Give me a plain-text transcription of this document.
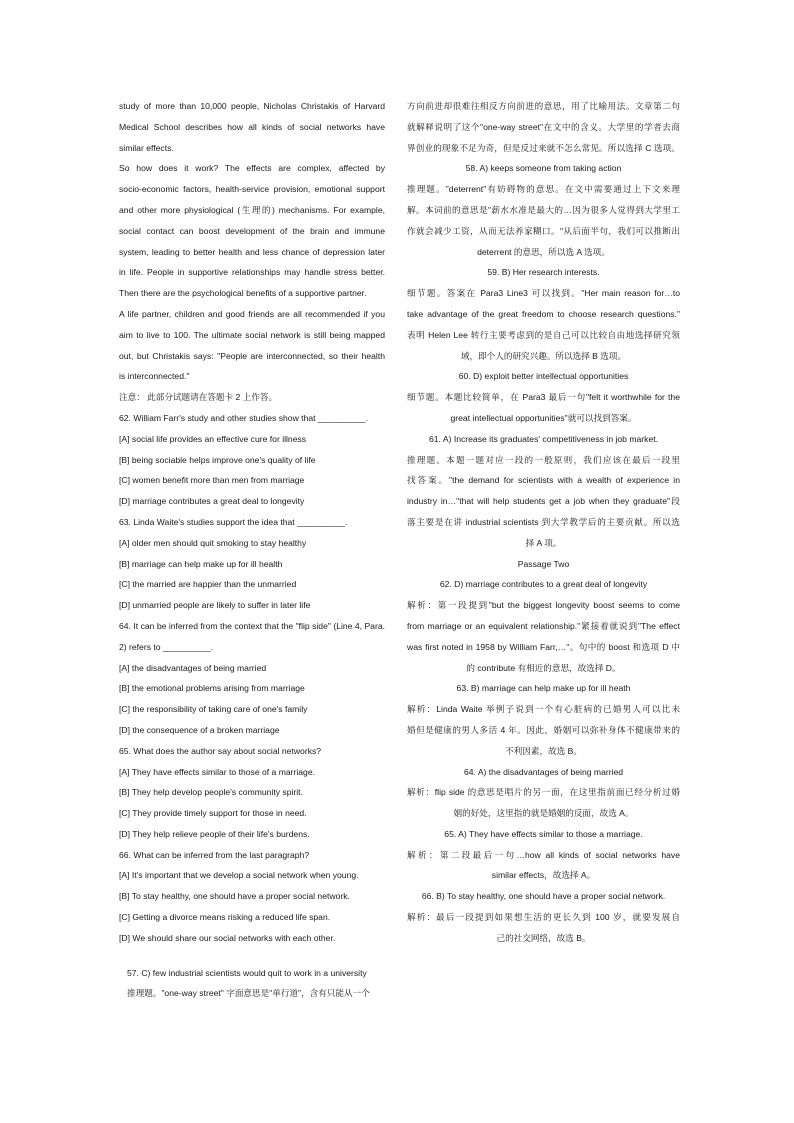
study of more than 10,000 people, Nicholas Christakis of Harvard
Medical School describes how all kinds of social networks have
similar effects.
So how does it work? The effects are complex, affected by
socio-economic factors, health-service provision, emotional support
and other more physiological (生理的) mechanisms. For example,
social contact can boost development of the brain and immune
system, leading to better health and less chance of depression later
in life. People in supportive relationships may handle stress better.
Then there are the psychological benefits of a supportive partner.
A life partner, children and good friends are all recommended if you
aim to live to 100. The ultimate social network is still being mapped
out, but Christakis says: "People are interconnected, so their health
is interconnected."
注意： 此部分试题请在答题卡 2 上作答。
62. William Farr's study and other studies show that __________.
[A] social life provides an effective cure for illness
[B] being sociable helps improve one's quality of life
[C] women benefit more than men from marriage
[D] marriage contributes a great deal to longevity
63. Linda Waite's studies support the idea that __________.
[A] older men should quit smoking to stay healthy
[B] marriage can help make up for ill health
[C] the married are happier than the unmarried
[D] unmarried people are likely to suffer in later life
64. It can be inferred from the context that the "flip side" (Line 4, Para.
2) refers to __________.
[A] the disadvantages of being married
[B] the emotional problems arising from marriage
[C] the responsibility of taking care of one's family
[D] the consequence of a broken marriage
65. What does the author say about social networks?
[A] They have effects similar to those of a marriage.
[B] They help develop people's community spirit.
[C] They provide timely support for those in need.
[D] They help relieve people of their life's burdens.
66. What can be inferred from the last paragraph?
[A] It's important that we develop a social network when young.
[B] To stay healthy, one should have a proper social network.
[C] Getting a divorce means risking a reduced life span.
[D] We should share our social networks with each other.
57. C) few industrial scientists would quit to work in a university
推理题。"one-way street" 字面意思是"单行道"，含有只能从一个
方向前进却很难往相反方向前进的意思，用了比喻用法。文章第二句
就解释说明了这个"one-way street"在文中的含义。大学里的学者去商
界创业的现象不足为奇，但是反过来就不怎么常见。所以选择 C 选项。
58. A) keeps someone from taking action
推理题。"deterrent"有妨碍物的意思。在文中需要通过上下文来理
解。本词前的意思是"薪水水准是最大的…因为很多人觉得到大学里工
作就会减少工资，从而无法养家糊口。"从后面半句，我们可以推断出
deterrent 的意思，所以选 A 选项。
59. B) Her research interests.
细节题。答案在 Para3 Line3 可以找到。"Her main reason for…to
take advantage of the great freedom to choose research questions."
表明 Helen Lee 转行主要考虑到的是自己可以比较自由地选择研究领
域，即个人的研究兴趣。所以选择 B 选项。
60. D) exploit better intellectual opportunities
细节题。本题比较简单，在 Para3 最后一句"felt it worthwhile for the
great intellectual opportunities"就可以找到答案。
61. A) Increase its graduates' competitiveness in job market.
推理题。本题一题对应一段的一般原则，我们应该在最后一段里
找答案。"the demand for scientists with a wealth of experience in
industry in…"that will help students get a job when they graduate"段
落主要是在讲 industrial scientists 到大学教学后的主要贡献。所以选
择 A 项。
Passage Two
62. D) marriage contributes to a great deal of longevity
解析：第一段提到"but the biggest longevity boost seems to come
from marriage or an equivalent relationship."紧接着就说到"The effect
was first noted in 1958 by William Farr,…"。句中的 boost 和选项 D 中
的 contribute 有相近的意思，故选择 D。
63. B) marriage can help make up for ill heath
解析：Linda Waite 举例子说到一个有心脏病的已婚男人可以比未
婚但是健康的男人多活 4 年。因此，婚姻可以弥补身体不健康带来的
不利因素，故选 B。
64. A) the disadvantages of being married
解析：flip side 的意思是唱片的另一面，在这里指前面已经分析过婚
姻的好处，这里指的就是婚姻的反面，故选 A。
65. A) They have effects similar to those a marriage.
解析：第二段最后一句…how all kinds of social networks have
similar effects，故选择 A。
66. B) To stay healthy, one should have a proper social network.
解析：最后一段提到如果想生活的更长久到 100 岁，就要发展自
己的社交网络，故选 B。
